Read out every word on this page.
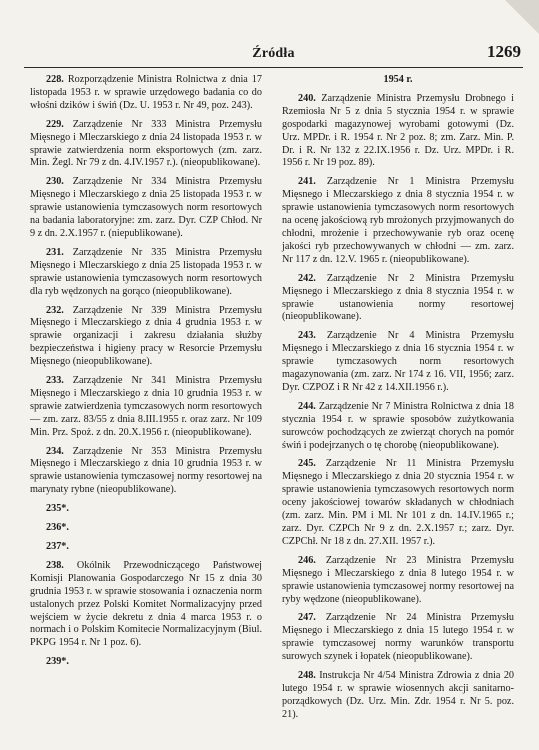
Źródła	1269

228. Rozporządzenie Ministra Rolnictwa z dnia 17 listopada 1953 r. w sprawie urzędowego badania co do włośni dzików i świń (Dz. U. 1953 r. Nr 49, poz. 243).

229. Zarządzenie Nr 333 Ministra Przemysłu Mięsnego i Mleczarskiego z dnia 24 listopada 1953 r. w sprawie zatwierdzenia norm eksportowych (zm. zarz. Min. Żegl. Nr 79 z dn. 4.IV.1957 r.). (nieopublikowane).

230. Zarządzenie Nr 334 Ministra Przemysłu Mięsnego i Mleczarskiego z dnia 25 listopada 1953 r. w sprawie ustanowienia tymczasowych norm resortowych na badania laboratoryjne: zm. zarz. Dyr. CZP Chłod. Nr 9 z dn. 2.X.1957 r. (niepublikowane).

231. Zarządzenie Nr 335 Ministra Przemysłu Mięsnego i Mleczarskiego z dnia 25 listopada 1953 r. w sprawie ustanowienia tymczasowych norm resortowych dla ryb wędzonych na gorąco (nieopublikowane).

232. Zarządzenie Nr 339 Ministra Przemysłu Mięsnego i Mleczarskiego z dnia 4 grudnia 1953 r. w sprawie organizacji i zakresu działania służby bezpieczeństwa i higieny pracy w Resorcie Przemysłu Mięsnego (nieopublikowane).

233. Zarządzenie Nr 341 Ministra Przemysłu Mięsnego i Mleczarskiego z dnia 10 grudnia 1953 r. w sprawie zatwierdzenia tymczasowych norm resortowych — zm. zarz. 83/55 z dnia 8.III.1955 r. oraz zarz. Nr 109 Min. Prz. Spoż. z dn. 20.X.1956 r. (nieopublikowane).

234. Zarządzenie Nr 353 Ministra Przemysłu Mięsnego i Mleczarskiego z dnia 10 grudnia 1953 r. w sprawie ustanowienia tymczasowej normy resortowej na marynaty rybne (nieopublikowane).

235*.

236*.

237*.

238. Okólnik Przewodniczącego Państwowej Komisji Planowania Gospodarczego Nr 15 z dnia 30 grudnia 1953 r. w sprawie stosowania i oznaczenia norm ustalonych przez Polski Komitet Normalizacyjny przed wejściem w życie dekretu z dnia 4 marca 1953 r. o normach i o Polskim Komitecie Normalizacyjnym (Biul. PKPG 1954 r. Nr 1 poz. 6).

239*.

1954 r.

240. Zarządzenie Ministra Przemysłu Drobnego i Rzemiosła Nr 5 z dnia 5 stycznia 1954 r. w sprawie gospodarki magazynowej wyrobami gotowymi (Dz. Urz. MPDr. i R. 1954 r. Nr 2 poz. 8; zm. Zarz. Min. P. Dr. i R. Nr 132 z 22.IX.1956 r. Dz. Urz. MPDr. i R. 1956 r. Nr 19 poz. 89).

241. Zarządzenie Nr 1 Ministra Przemysłu Mięsnego i Mleczarskiego z dnia 8 stycznia 1954 r. w sprawie ustanowienia tymczasowych norm resortowych na ocenę jakościową ryb mrożonych przyjmowanych do chłodni, mrożenie i przechowywanie ryb oraz ocenę jakości ryb przechowywanych w chłodni — zm. zarz. Nr 117 z dn. 12.V. 1965 r. (nieopublikowane).

242. Zarządzenie Nr 2 Ministra Przemysłu Mięsnego i Mleczarskiego z dnia 8 stycznia 1954 r. w sprawie ustanowienia normy resortowej (nieopublikowane).

243. Zarządzenie Nr 4 Ministra Przemysłu Mięsnego i Mleczarskiego z dnia 16 stycznia 1954 r. w sprawie tymczasowych norm resortowych magazynowania (zm. zarz. Nr 174 z 16. VII, 1956; zarz. Dyr. CZPOZ i R Nr 42 z 14.XII.1956 r.).

244. Zarządzenie Nr 7 Ministra Rolnictwa z dnia 18 stycznia 1954 r. w sprawie sposobów zużytkowania surowców pochodzących ze zwierząt chorych na pomór świń i podejrzanych o tę chorobę (nieopublikowane).

245. Zarządzenie Nr 11 Ministra Przemysłu Mięsnego i Mleczarskiego z dnia 20 stycznia 1954 r. w sprawie ustanowienia tymczasowych resortowych norm oceny jakościowej towarów składanych w chłodniach (zm. zarz. Min. PM i Ml. Nr 101 z dn. 14.IV.1965 r.; zarz. Dyr. CZPCh Nr 9 z dn. 2.X.1957 r.; zarz. Dyr. CZPChł. Nr 18 z dn. 27.XII. 1957 r.).

246. Zarządzenie Nr 23 Ministra Przemysłu Mięsnego i Mleczarskiego z dnia 8 lutego 1954 r. w sprawie ustanowienia tymczasowej normy resortowej na ryby wędzone (nieopublikowane).

247. Zarządzenie Nr 24 Ministra Przemysłu Mięsnego i Mleczarskiego z dnia 15 lutego 1954 r. w sprawie tymczasowej normy warunków transportu surowych szynek i łopatek (nieopublikowane).

248. Instrukcja Nr 4/54 Ministra Zdrowia z dnia 20 lutego 1954 r. w sprawie wiosennych akcji sanitarno-porządkowych (Dz. Urz. Min. Zdr. 1954 r. Nr 5. poz. 21).
